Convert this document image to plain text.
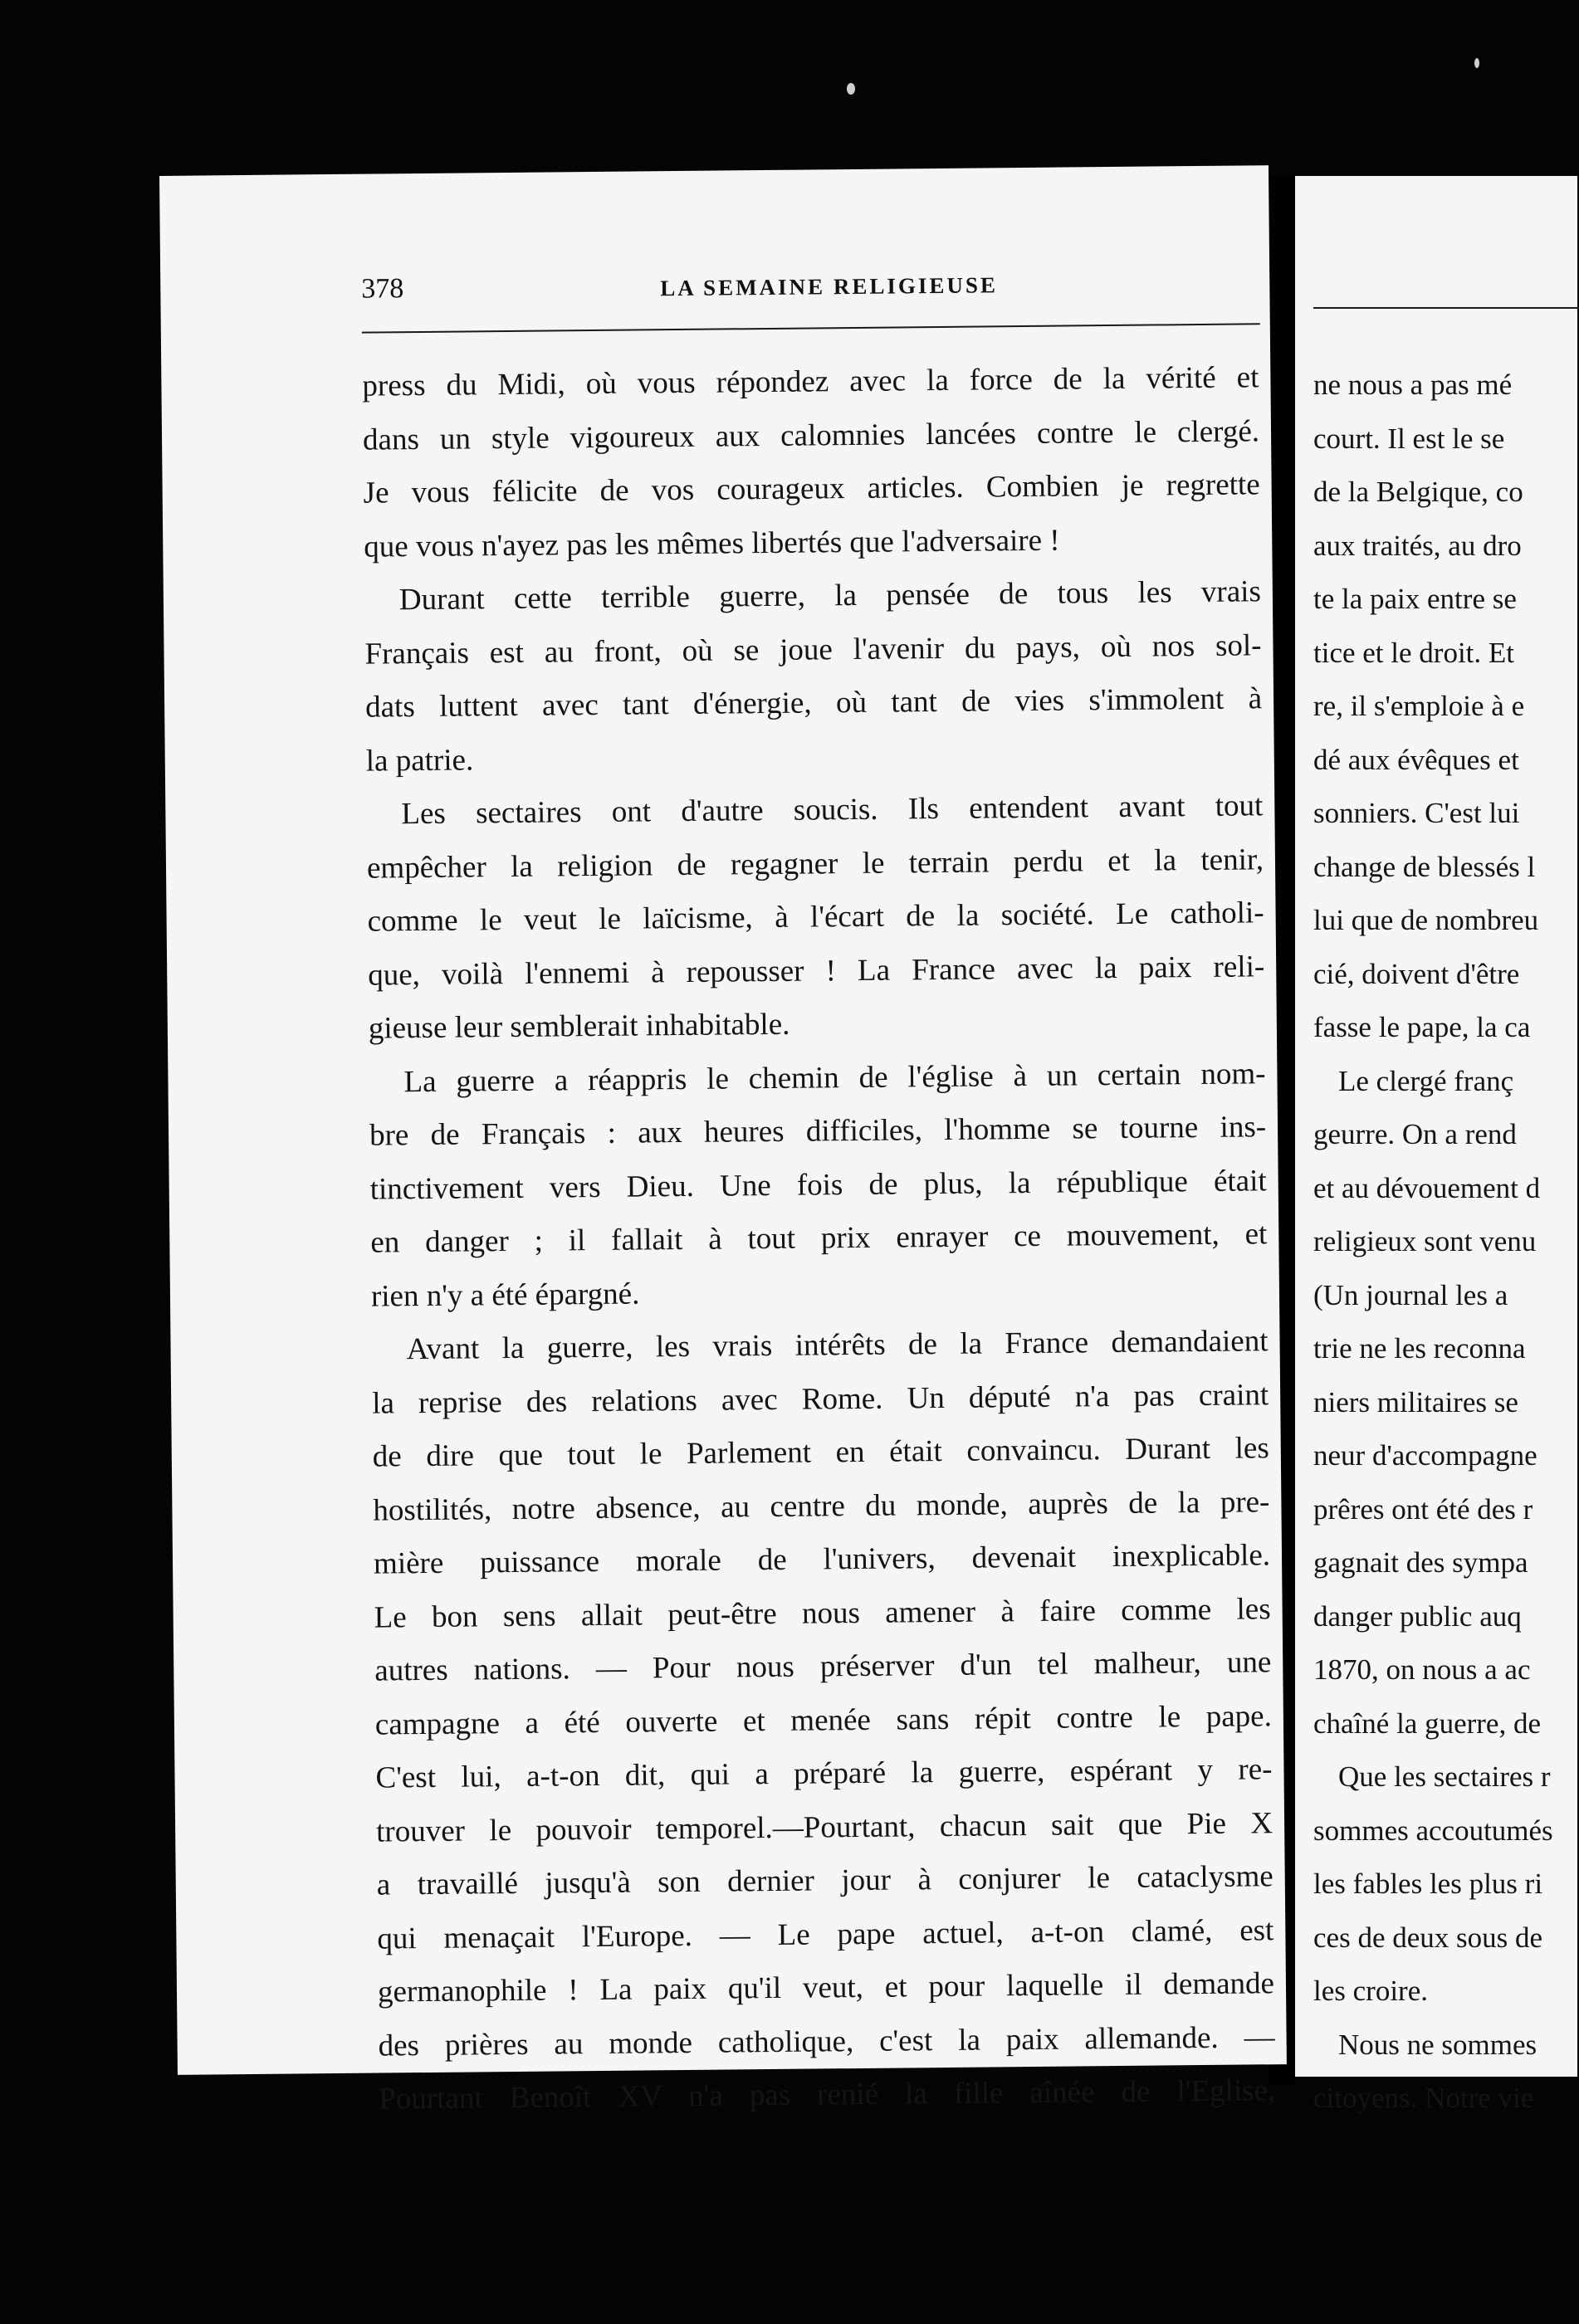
378	LA SEMAINE RELIGIEUSE
press du Midi, où vous répondez avec la force de la vérité et
dans un style vigoureux aux calomnies lancées contre le clergé.
Je vous félicite de vos courageux articles. Combien je regrette
que vous n'ayez pas les mêmes libertés que l'adversaire !
Durant cette terrible guerre, la pensée de tous les vrais
Français est au front, où se joue l'avenir du pays, où nos sol-
dats luttent avec tant d'énergie, où tant de vies s'immolent à
la patrie.
Les sectaires ont d'autre soucis. Ils entendent avant tout
empêcher la religion de regagner le terrain perdu et la tenir,
comme le veut le laïcisme, à l'écart de la société. Le catholi-
que, voilà l'ennemi à repousser ! La France avec la paix reli-
gieuse leur semblerait inhabitable.
La guerre a réappris le chemin de l'église à un certain nom-
bre de Français : aux heures difficiles, l'homme se tourne ins-
tinctivement vers Dieu. Une fois de plus, la république était
en danger ; il fallait à tout prix enrayer ce mouvement, et
rien n'y a été épargné.
Avant la guerre, les vrais intérêts de la France demandaient
la reprise des relations avec Rome. Un député n'a pas craint
de dire que tout le Parlement en était convaincu. Durant les
hostilités, notre absence, au centre du monde, auprès de la pre-
mière puissance morale de l'univers, devenait inexplicable.
Le bon sens allait peut-être nous amener à faire comme les
autres nations. — Pour nous préserver d'un tel malheur, une
campagne a été ouverte et menée sans répit contre le pape.
C'est lui, a-t-on dit, qui a préparé la guerre, espérant y re-
trouver le pouvoir temporel.—Pourtant, chacun sait que Pie X
a travaillé jusqu'à son dernier jour à conjurer le cataclysme
qui menaçait l'Europe. — Le pape actuel, a-t-on clamé, est
germanophile ! La paix qu'il veut, et pour laquelle il demande
des prières au monde catholique, c'est la paix allemande. —
Pourtant Benoît XV n'a pas renié la fille aînée de l'Eglise,
ne nous a pas mé
court. Il est le se
de la Belgique, co
aux traités, au dro
te la paix entre se
tice et le droit. Et
re, il s'emploie à e
dé aux évêques et
sonniers. C'est lui
change de blessés l
lui que de nombreu
cié, doivent d'être
fasse le pape, la ca
Le clergé franç
geurre. On a rend
et au dévouement d
religieux sont venu
(Un journal les a
trie ne les reconna
niers militaires se
neur d'accompagne
prêres ont été des r
gagnait des sympa
danger public auq
1870, on nous a ac
chaîné la guerre, de
Que les sectaires r
sommes accoutumés
les fables les plus ri
ces de deux sous de
les croire.
Nous ne sommes
citoyens. Notre vie
